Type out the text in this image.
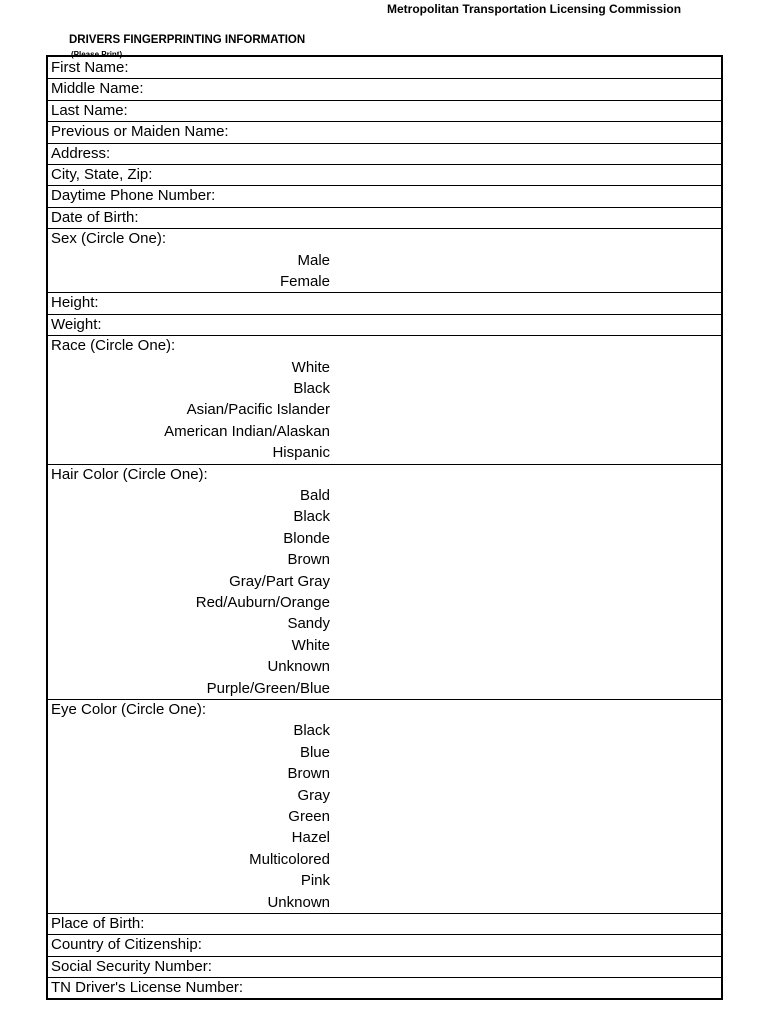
Metropolitan Transportation Licensing Commission
DRIVERS FINGERPRINTING INFORMATION
(Please Print)
First Name:
Middle Name:
Last Name:
Previous or Maiden Name:
Address:
City, State, Zip:
Daytime Phone Number:
Date of Birth:
Sex (Circle One):
Male
Female
Height:
Weight:
Race (Circle One):
White
Black
Asian/Pacific Islander
American Indian/Alaskan
Hispanic
Hair Color (Circle One):
Bald
Black
Blonde
Brown
Gray/Part Gray
Red/Auburn/Orange
Sandy
White
Unknown
Purple/Green/Blue
Eye Color (Circle One):
Black
Blue
Brown
Gray
Green
Hazel
Multicolored
Pink
Unknown
Place of Birth:
Country of Citizenship:
Social Security Number:
TN Driver's License Number:
